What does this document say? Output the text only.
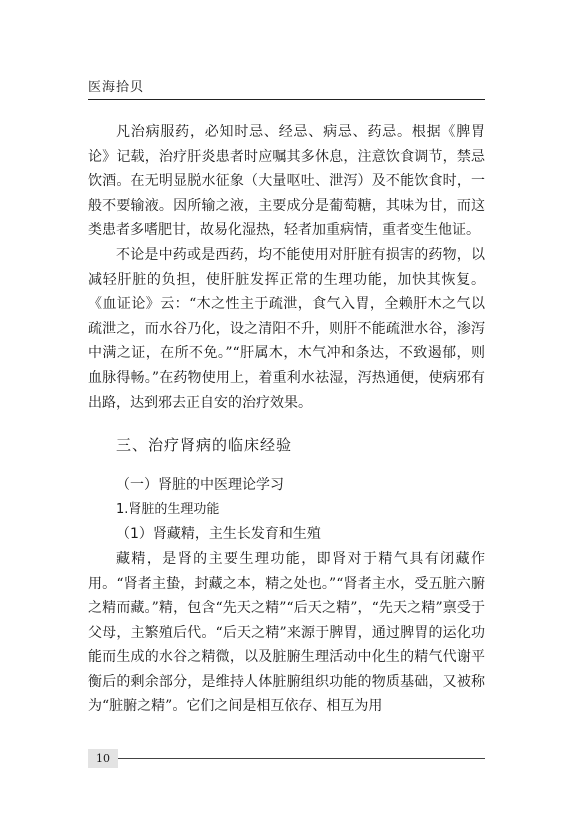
医海拾贝

凡治病服药，必知时忌、经忌、病忌、药忌。根据《脾胃论》记载，治疗肝炎患者时应嘱其多休息，注意饮食调节，禁忌饮酒。在无明显脱水征象（大量呕吐、泄泻）及不能饮食时，一般不要输液。因所输之液，主要成分是葡萄糖，其味为甘，而这类患者多嗜肥甘，故易化湿热，轻者加重病情，重者变生他证。

不论是中药或是西药，均不能使用对肝脏有损害的药物，以减轻肝脏的负担，使肝脏发挥正常的生理功能，加快其恢复。《血证论》云：“木之性主于疏泄，食气入胃，全赖肝木之气以疏泄之，而水谷乃化，设之清阳不升，则肝不能疏泄水谷，渗泻中满之证，在所不免。”“肝属木，木气冲和条达，不致遏郁，则血脉得畅。”在药物使用上，着重利水祛湿，泻热通便，使病邪有出路，达到邪去正自安的治疗效果。

三、治疗肾病的临床经验
（一）肾脏的中医理论学习
1.肾脏的生理功能
（1）肾藏精，主生长发育和生殖

藏精，是肾的主要生理功能，即肾对于精气具有闭藏作用。“肾者主蛰，封藏之本，精之处也。”“肾者主水，受五脏六腑之精而藏。”精，包含“先天之精”“后天之精”，“先天之精”禀受于父母，主繁殖后代。“后天之精”来源于脾胃，通过脾胃的运化功能而生成的水谷之精微，以及脏腑生理活动中化生的精气代谢平衡后的剩余部分，是维持人体脏腑组织功能的物质基础，又被称为“脏腑之精”。它们之间是相互依存、相互为用

10
